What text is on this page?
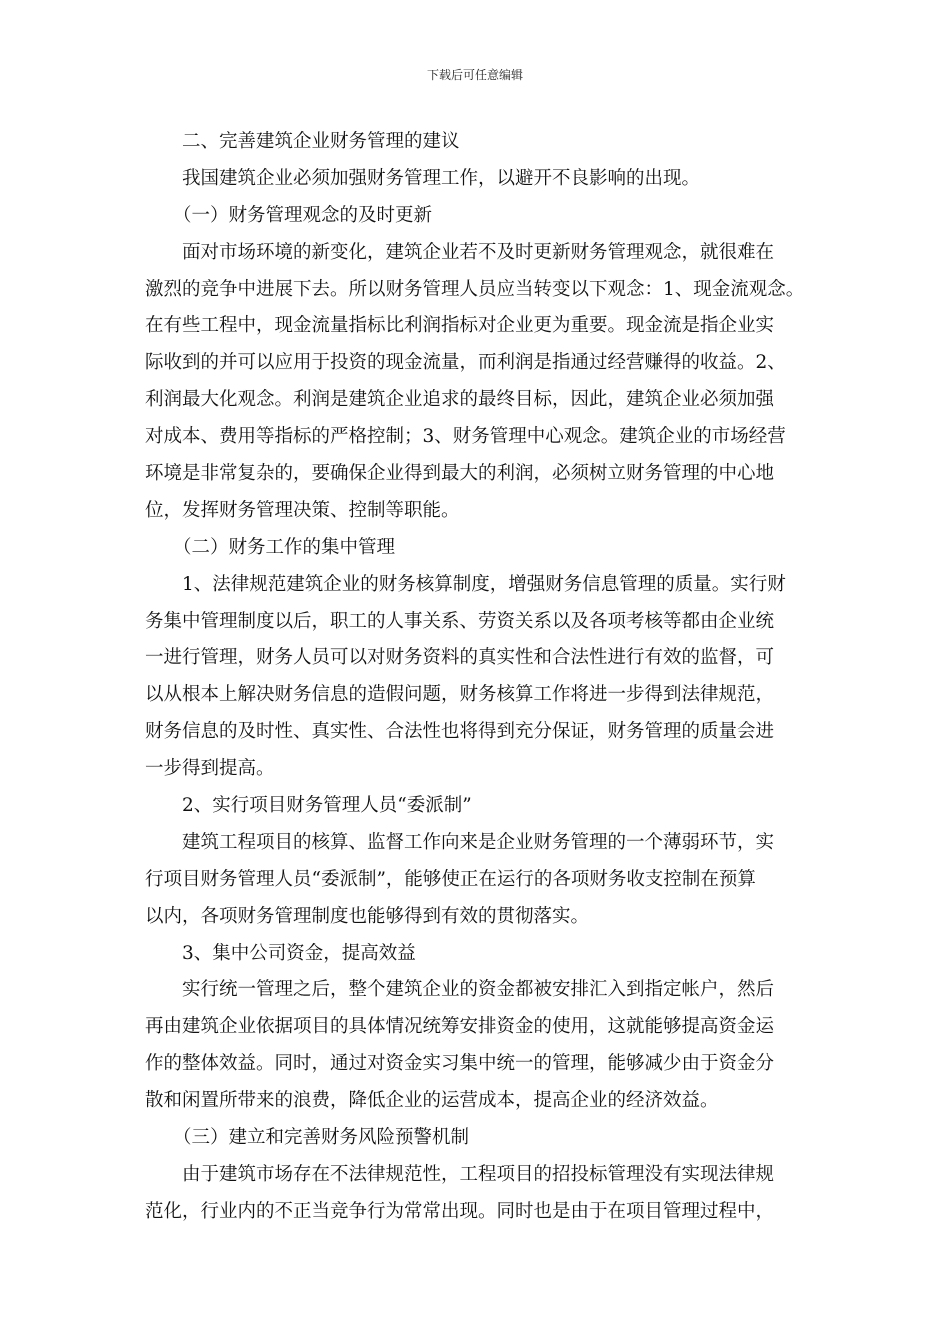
下载后可任意编辑
二、完善建筑企业财务管理的建议
我国建筑企业必须加强财务管理工作，以避开不良影响的出现。
（一）财务管理观念的及时更新
面对市场环境的新变化，建筑企业若不及时更新财务管理观念，就很难在
激烈的竞争中进展下去。所以财务管理人员应当转变以下观念：1、现金流观念。
在有些工程中，现金流量指标比利润指标对企业更为重要。现金流是指企业实
际收到的并可以应用于投资的现金流量，而利润是指通过经营赚得的收益。2、
利润最大化观念。利润是建筑企业追求的最终目标，因此，建筑企业必须加强
对成本、费用等指标的严格控制；3、财务管理中心观念。建筑企业的市场经营
环境是非常复杂的，要确保企业得到最大的利润，必须树立财务管理的中心地
位，发挥财务管理决策、控制等职能。
（二）财务工作的集中管理
1、法律规范建筑企业的财务核算制度，增强财务信息管理的质量。实行财
务集中管理制度以后，职工的人事关系、劳资关系以及各项考核等都由企业统
一进行管理，财务人员可以对财务资料的真实性和合法性进行有效的监督，可
以从根本上解决财务信息的造假问题，财务核算工作将进一步得到法律规范，
财务信息的及时性、真实性、合法性也将得到充分保证，财务管理的质量会进
一步得到提高。
2、实行项目财务管理人员“委派制”
建筑工程项目的核算、监督工作向来是企业财务管理的一个薄弱环节，实
行项目财务管理人员“委派制”，能够使正在运行的各项财务收支控制在预算
以内，各项财务管理制度也能够得到有效的贯彻落实。
3、集中公司资金，提高效益
实行统一管理之后，整个建筑企业的资金都被安排汇入到指定帐户，然后
再由建筑企业依据项目的具体情况统筹安排资金的使用，这就能够提高资金运
作的整体效益。同时，通过对资金实习集中统一的管理，能够减少由于资金分
散和闲置所带来的浪费，降低企业的运营成本，提高企业的经济效益。
（三）建立和完善财务风险预警机制
由于建筑市场存在不法律规范性，工程项目的招投标管理没有实现法律规
范化，行业内的不正当竞争行为常常出现。同时也是由于在项目管理过程中，
